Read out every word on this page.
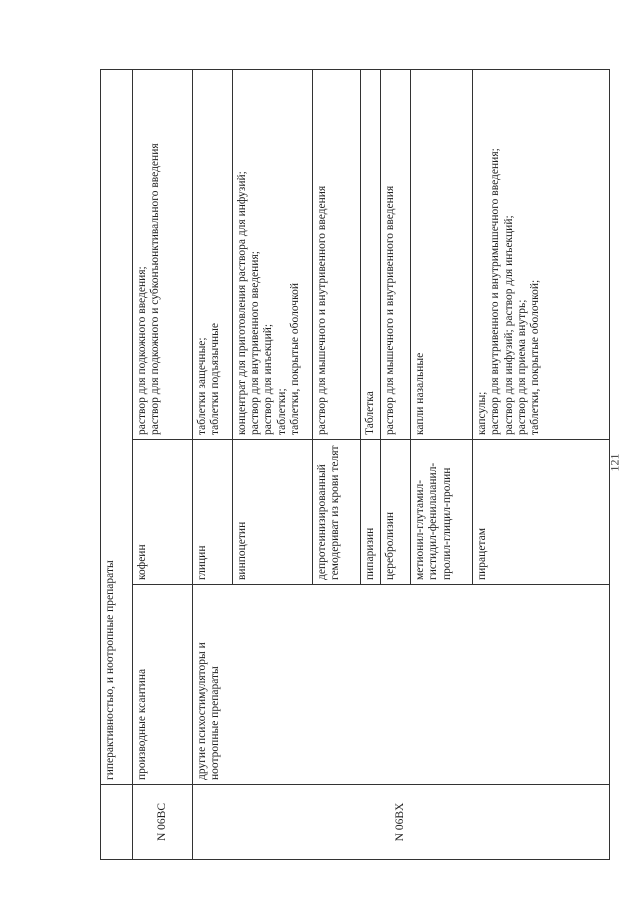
	гиперактивностью, и ноотропные препараты		
N 06BC	производные ксантина	кофеин	раствор для подкожного введения;
раствор для подкожного и субконъюнктивального введения
N 06BX	другие психостимуляторы и ноотропные препараты	глицин	таблетки защечные;
таблетки подъязычные
		винпоцетин	концентрат для приготовления раствора для инфузий;
раствор для внутривенного введения;
раствор для инъекций;
таблетки;
таблетки, покрытые оболочкой
		депротеинизированный гемодериват из крови телят	раствор для мышечного и внутривенного введения
		пипаризин	Таблетка
		церебролизин	раствор для мышечного и внутривенного введения
		метионил-глутамил-гистидил-фенилаланил-пролил-глицил-пролин	капли назальные
		пирацетам	капсулы;
раствор для внутривенного и внутримышечного введения;
раствор для инфузий; раствор для инъекций;
раствор для приема внутрь;
таблетки, покрытые оболочкой;
121
